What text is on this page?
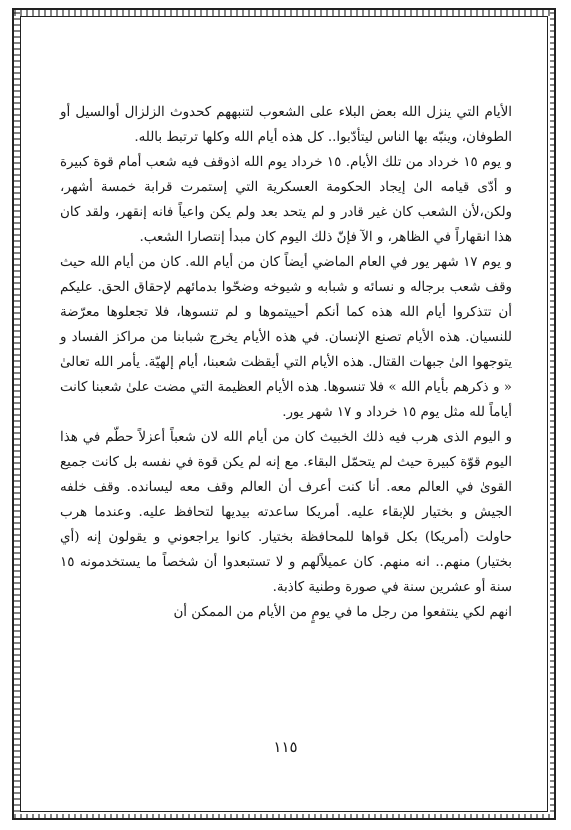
الأيام التي ينزل الله بعض البلاء على الشعوب لتنبههم كحدوث الزلزال أوالسيل أو الطوفان، وينبّه بها الناس ليتأدّبوا.. كل هذه أيام الله وكلها ترتبط بالله.

و يوم ١٥ خرداد من تلك الأيام. ١٥ خرداد يوم الله اذوقف فيه شعب أمام قوة كبيرة و أدّى قيامه الىٰ إيجاد الحكومة العسكرية التي إستمرت قرابة خمسة أشهر، ولكن،لأن الشعب كان غير قادر و لم يتحد بعد ولم يكن واعياً فانه إنقهر، ولقد كان هذا انقهاراً في الظاهر، و الآ فإنّ ذلك اليوم كان مبدأ إنتصارا الشعب.

و يوم ١٧ شهر يور في العام الماضي أيضاً كان من أيام الله. كان من أيام الله حيث وقف شعب برجاله و نسائه و شبابه و شيوخه وضحّوا بدمائهم لإحقاق الحق. عليكم أن تتذكروا أيام الله هذه كما أنكم أحييتموها و لم تنسوها، فلا تجعلوها معرّضة للنسيان. هذه الأيام تصنع الإنسان. في هذه الأيام يخرج شبابنا من مراكز الفساد و يتوجهوا الىٰ جبهات القتال. هذه الأيام التي أيقظت شعبنا، أيام إلهيّة. يأمر الله تعالىٰ « و ذكرهم بأيام الله » فلا تنسوها. هذه الأيام العظيمة التي مضت علىٰ شعبنا كانت أياماً لله مثل يوم ١٥ خرداد و ١٧ شهر يور.

و اليوم الذى هرب فيه ذلك الخبيث كان من أيام الله لان شعباً أعزلاً حطّم في هذا اليوم قوّة كبيرة حيث لم يتحمّل البقاء. مع إنه لم يكن قوة في نفسه بل كانت جميع القوىٰ في العالم معه. أنا كنت أعرف أن العالم وقف معه ليسانده. وقف خلفه الجيش و بختيار للإبقاء عليه. أمريكا ساعدته بيديها لتحافظ عليه. وعندما هرب حاولت (أمريكا) بكل قواها للمحافظة بختيار. كانوا يراجعوني و يقولون إنه (أي بختيار) منهم.. انه منهم. كان عميلاًلهم و لا تستبعدوا أن شخصاً ما يستخدمونه ١٥ سنة أو عشرين سنة في صورة وطنية كاذبة.

انهم لكي ينتفعوا من رجل ما في يومٍ من الأيام من الممكن أن

١١٥
